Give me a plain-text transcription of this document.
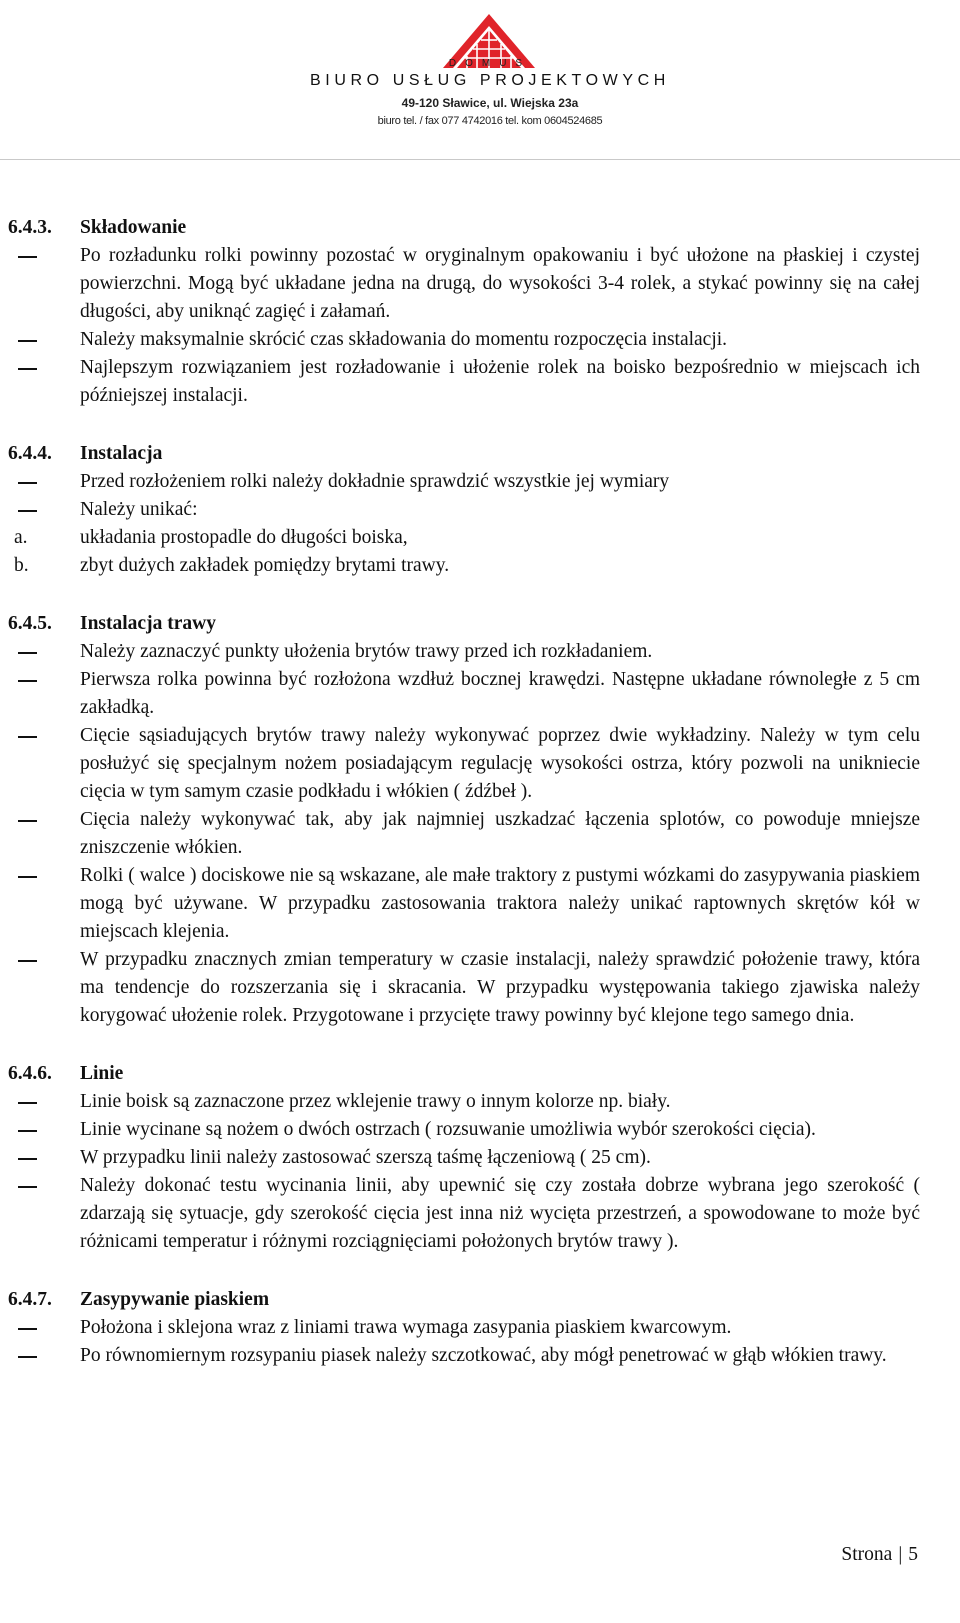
DOMUS
BIURO USŁUG PROJEKTOWYCH
49-120 Sławice, ul. Wiejska 23a
biuro tel. / fax 077 4742016 tel. kom 0604524685
6.4.3.	Składowanie
Po rozładunku rolki powinny pozostać w oryginalnym opakowaniu i być ułożone na płaskiej i czystej powierzchni. Mogą być układane jedna na drugą, do wysokości 3-4 rolek, a stykać powinny się na całej długości, aby uniknąć zagięć i załamań.
Należy maksymalnie skrócić czas składowania do momentu rozpoczęcia instalacji.
Najlepszym rozwiązaniem jest rozładowanie i ułożenie rolek na boisko bezpośrednio w miejscach ich późniejszej instalacji.
6.4.4.	Instalacja
Przed rozłożeniem rolki należy dokładnie sprawdzić wszystkie jej wymiary
Należy unikać:
a.	układania prostopadle do długości boiska,
b.	zbyt dużych zakładek pomiędzy brytami trawy.
6.4.5.	Instalacja trawy
Należy zaznaczyć punkty ułożenia brytów trawy przed ich rozkładaniem.
Pierwsza rolka powinna być rozłożona wzdłuż bocznej krawędzi. Następne układane równoległe z 5 cm zakładką.
Cięcie sąsiadujących brytów trawy należy wykonywać poprzez dwie wykładziny. Należy w tym celu posłużyć się specjalnym nożem posiadającym regulację wysokości ostrza, który pozwoli na unikniecie cięcia w tym samym czasie podkładu i włókien ( źdźbeł ).
Cięcia należy wykonywać tak, aby jak najmniej uszkadzać łączenia splotów, co powoduje mniejsze zniszczenie włókien.
Rolki ( walce ) dociskowe nie są wskazane, ale małe traktory z pustymi wózkami do zasypywania piaskiem mogą być używane. W przypadku zastosowania traktora należy unikać raptownych skrętów kół w miejscach klejenia.
W przypadku znacznych zmian temperatury w czasie instalacji, należy sprawdzić położenie trawy, która ma tendencje do rozszerzania się i skracania. W przypadku występowania takiego zjawiska należy korygować ułożenie rolek. Przygotowane i przycięte trawy powinny być klejone tego samego dnia.
6.4.6.	Linie
Linie boisk są zaznaczone przez wklejenie trawy o innym kolorze np. biały.
Linie wycinane są nożem o dwóch ostrzach ( rozsuwanie umożliwia wybór szerokości cięcia).
W przypadku linii należy zastosować szerszą taśmę łączeniową ( 25 cm).
Należy dokonać testu wycinania linii, aby upewnić się czy została dobrze wybrana jego szerokość ( zdarzają się sytuacje, gdy szerokość cięcia jest inna niż wycięta przestrzeń, a spowodowane to może być różnicami temperatur i różnymi rozciągnięciami położonych brytów trawy ).
6.4.7.	Zasypywanie piaskiem
Położona i sklejona wraz z liniami trawa wymaga zasypania piaskiem kwarcowym.
Po równomiernym rozsypaniu piasek należy szczotkować, aby mógł penetrować w głąb włókien trawy.
Strona | 5
